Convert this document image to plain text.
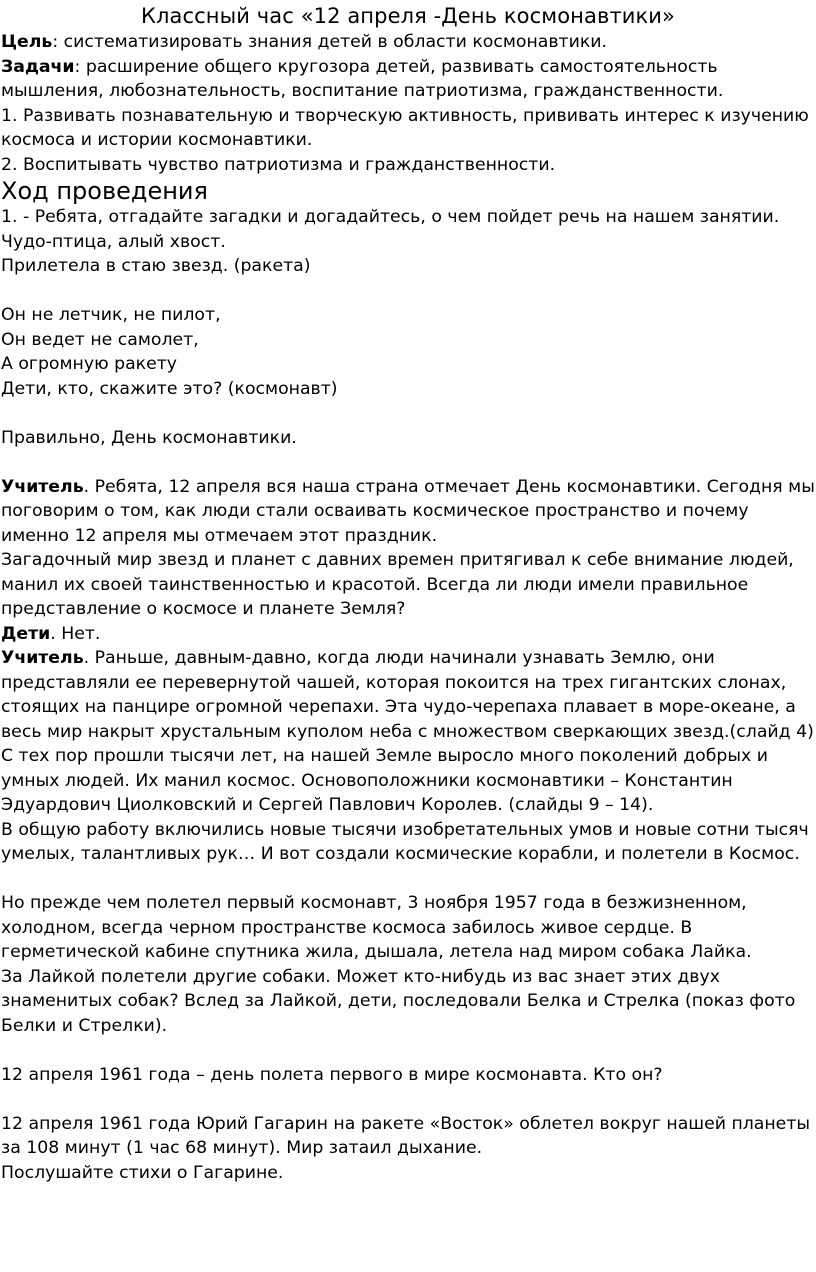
Классный час «12 апреля -День космонавтики»

Цель: систематизировать знания детей в области космонавтики.

Задачи: расширение общего кругозора детей, развивать самостоятельность мышления, любознательность, воспитание патриотизма, гражданственности.

1. Развивать познавательную и творческую активность, прививать интерес к изучению космоса и истории космонавтики.

2. Воспитывать чувство патриотизма и гражданственности.

Ход проведения

1. - Ребята, отгадайте загадки и догадайтесь, о чем пойдет речь на нашем занятии.

Чудо-птица, алый хвост.

Прилетела в стаю звезд. (ракета)

Он не летчик, не пилот,

Он ведет не самолет,

А огромную ракету

Дети, кто, скажите это? (космонавт)

Правильно, День космонавтики.

Учитель. Ребята, 12 апреля вся наша страна отмечает День космонавтики. Сегодня мы поговорим о том, как люди стали осваивать космическое пространство и почему именно 12 апреля мы отмечаем этот праздник.

Загадочный мир звезд и планет с давних времен притягивал к себе внимание людей, манил их своей таинственностью и красотой. Всегда ли люди имели правильное представление о космосе и планете Земля?

Дети. Нет.

Учитель. Раньше, давным-давно, когда люди начинали узнавать Землю, они представляли ее перевернутой чашей, которая покоится на трех гигантских слонах, стоящих на панцире огромной черепахи. Эта чудо-черепаха плавает в море-океане, а весь мир накрыт хрустальным куполом неба с множеством сверкающих звезд.(слайд 4)

С тех пор прошли тысячи лет, на нашей Земле выросло много поколений добрых и умных людей. Их манил космос. Основоположники космонавтики – Константин Эдуардович Циолковский и Сергей Павлович Королев. (слайды 9 – 14).

В общую работу включились новые тысячи изобретательных умов и новые сотни тысяч умелых, талантливых рук… И вот создали космические корабли, и полетели в Космос.

Но прежде чем полетел первый космонавт, 3 ноября 1957 года в безжизненном, холодном, всегда черном пространстве космоса забилось живое сердце. В герметической кабине спутника жила, дышала, летела над миром собака Лайка.

За Лайкой полетели другие собаки. Может кто-нибудь из вас знает этих двух знаменитых собак? Вслед за Лайкой, дети, последовали Белка и Стрелка (показ фото Белки и Стрелки).

12 апреля 1961 года – день полета первого в мире космонавта. Кто он?

12 апреля 1961 года Юрий Гагарин на ракете «Восток» облетел вокруг нашей планеты за 108 минут (1 час 68 минут). Мир затаил дыхание.

Послушайте стихи о Гагарине.
